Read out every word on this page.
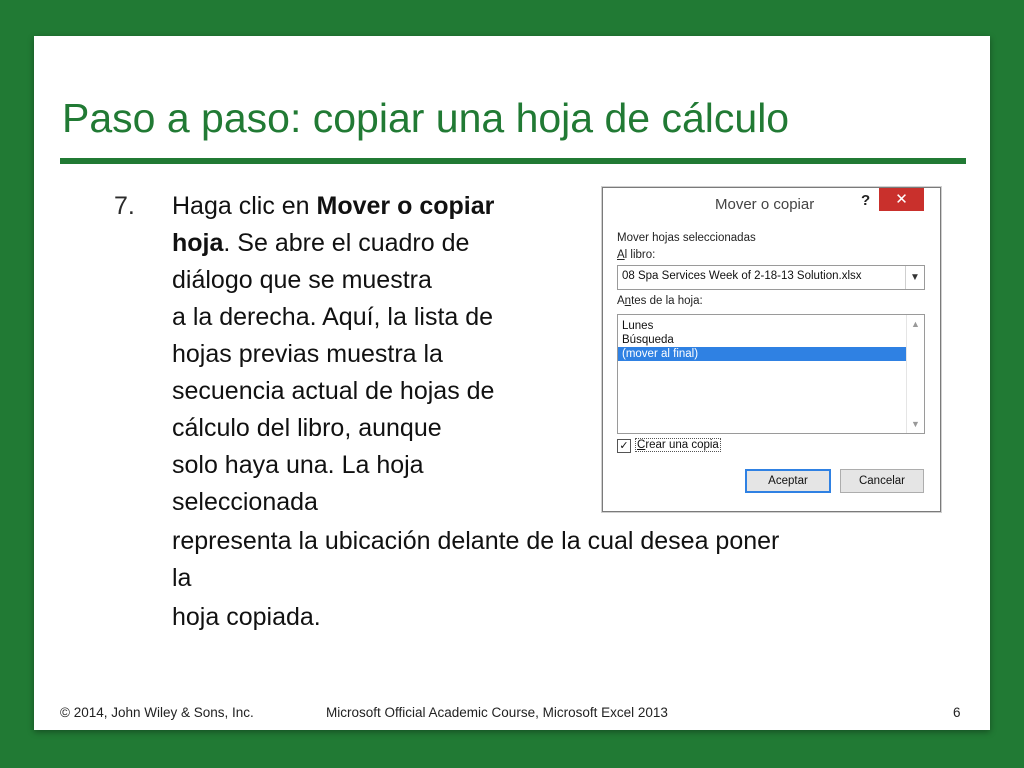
Paso a paso: copiar una hoja de cálculo
7. Haga clic en Mover o copiar
hoja. Se abre el cuadro de
diálogo que se muestra
a la derecha. Aquí, la lista de
hojas previas muestra la
secuencia actual de hojas de
cálculo del libro, aunque
solo haya una. La hoja
seleccionada
representa la ubicación delante de la cual desea poner
la
hoja copiada.
Mover o copiar	?	✕
Mover hojas seleccionadas
Al libro:
08 Spa Services Week of 2-18-13 Solution.xlsx	▼
Antes de la hoja:
Lunes
Búsqueda
(mover al final)
▲
▼
✓ Crear una copia
Aceptar	Cancelar
© 2014, John Wiley & Sons, Inc.	Microsoft Official Academic Course, Microsoft Excel 2013	6
